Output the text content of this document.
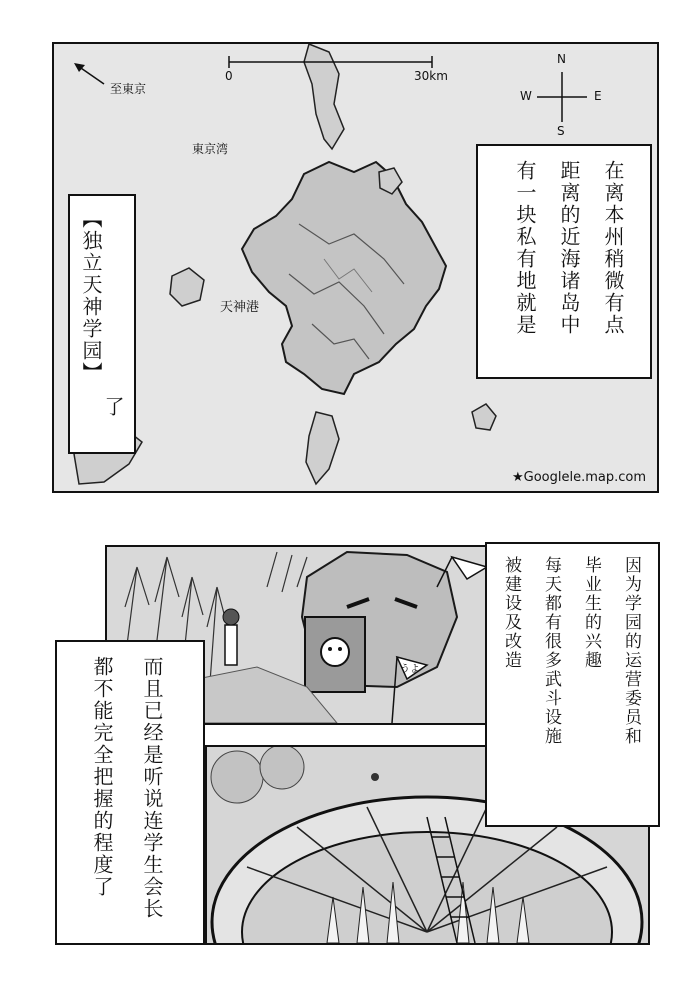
至東京
東京湾
天神港
0	30km
N
S
W	E
★Googlele.map.com
【独立天神学园】
了
在离本州稍微有点
距离的近海诸岛中
有一块私有地就是
うよ	因为学园的运营委员和
毕业生的兴趣
每天都有很多武斗设施
被建设及改造
而且已经是听说连学生会长
都不能完全把握的程度了
